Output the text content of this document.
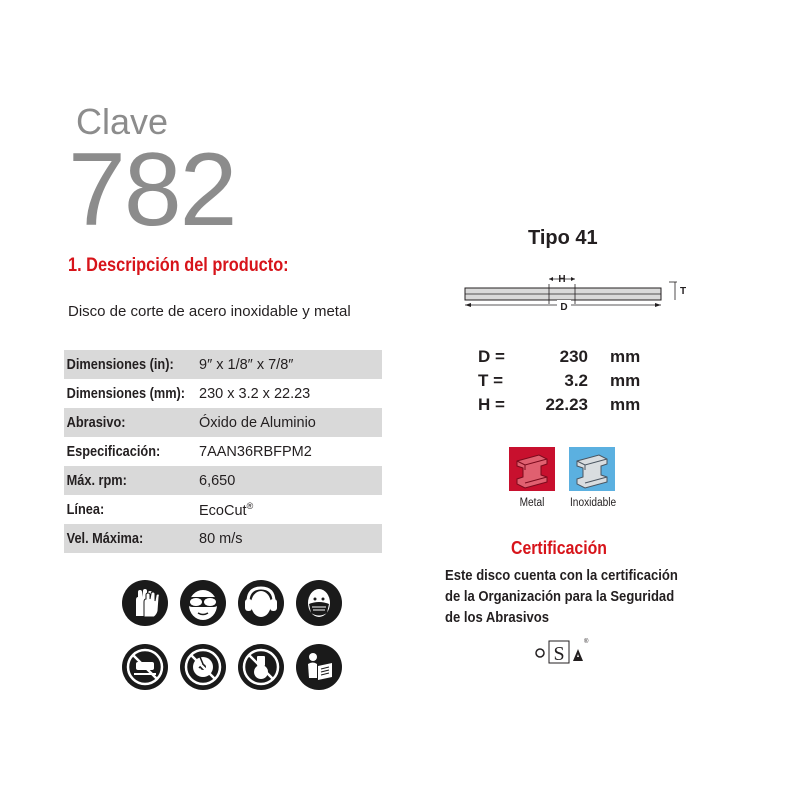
Clave
782
1. Descripción del producto:
Disco de corte de acero inoxidable y metal
Dimensiones (in):	9″ x 1/8″ x 7/8″
Dimensiones (mm): 230 x 3.2 x 22.23
Abrasivo:	Óxido de Aluminio
Especificación:	7AAN36RBFPM2
Máx. rpm:	6,650
Línea:	EcoCut®
Vel. Máxima:	80 m/s
Tipo 41
H
D
T
D =	230 mm
T =	3.2 mm
H =	22.23 mm
Metal	Inoxidable
Certificación
Este disco cuenta con la certificación
de la Organización para la Seguridad
de los Abrasivos
S
®
